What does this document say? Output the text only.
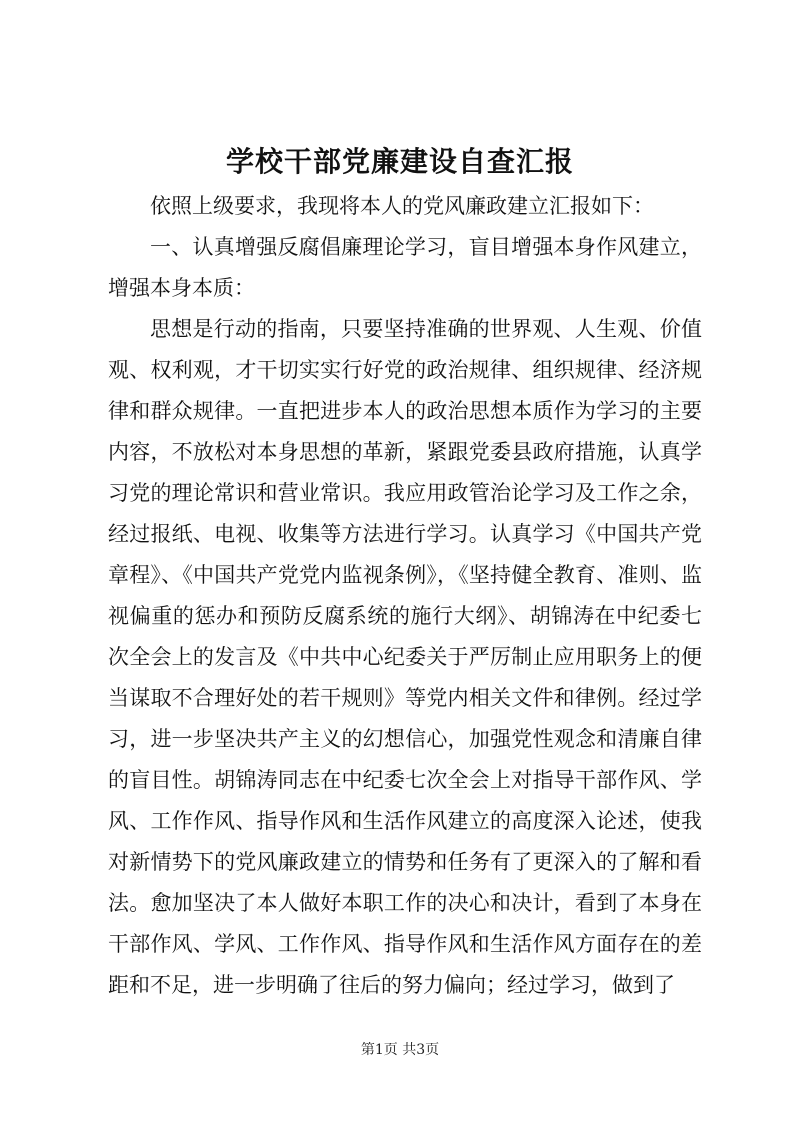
学校干部党廉建设自查汇报

依照上级要求，我现将本人的党风廉政建立汇报如下：

一、认真增强反腐倡廉理论学习，盲目增强本身作风建立，增强本身本质：

思想是行动的指南，只要坚持准确的世界观、人生观、价值观、权利观，才干切实实行好党的政治规律、组织规律、经济规律和群众规律。一直把进步本人的政治思想本质作为学习的主要内容，不放松对本身思想的革新，紧跟党委县政府措施，认真学习党的理论常识和营业常识。我应用政管治论学习及工作之余，经过报纸、电视、收集等方法进行学习。认真学习《中国共产党章程》、《中国共产党党内监视条例》，《坚持健全教育、准则、监视偏重的惩办和预防反腐系统的施行大纲》、胡锦涛在中纪委七次全会上的发言及《中共中心纪委关于严厉制止应用职务上的便当谋取不合理好处的若干规则》等党内相关文件和律例。经过学习，进一步坚决共产主义的幻想信心，加强党性观念和清廉自律的盲目性。胡锦涛同志在中纪委七次全会上对指导干部作风、学风、工作作风、指导作风和生活作风建立的高度深入论述，使我对新情势下的党风廉政建立的情势和任务有了更深入的了解和看法。愈加坚决了本人做好本职工作的决心和决计，看到了本身在干部作风、学风、工作作风、指导作风和生活作风方面存在的差距和不足，进一步明确了往后的努力偏向；经过学习，做到了

第1页 共3页
